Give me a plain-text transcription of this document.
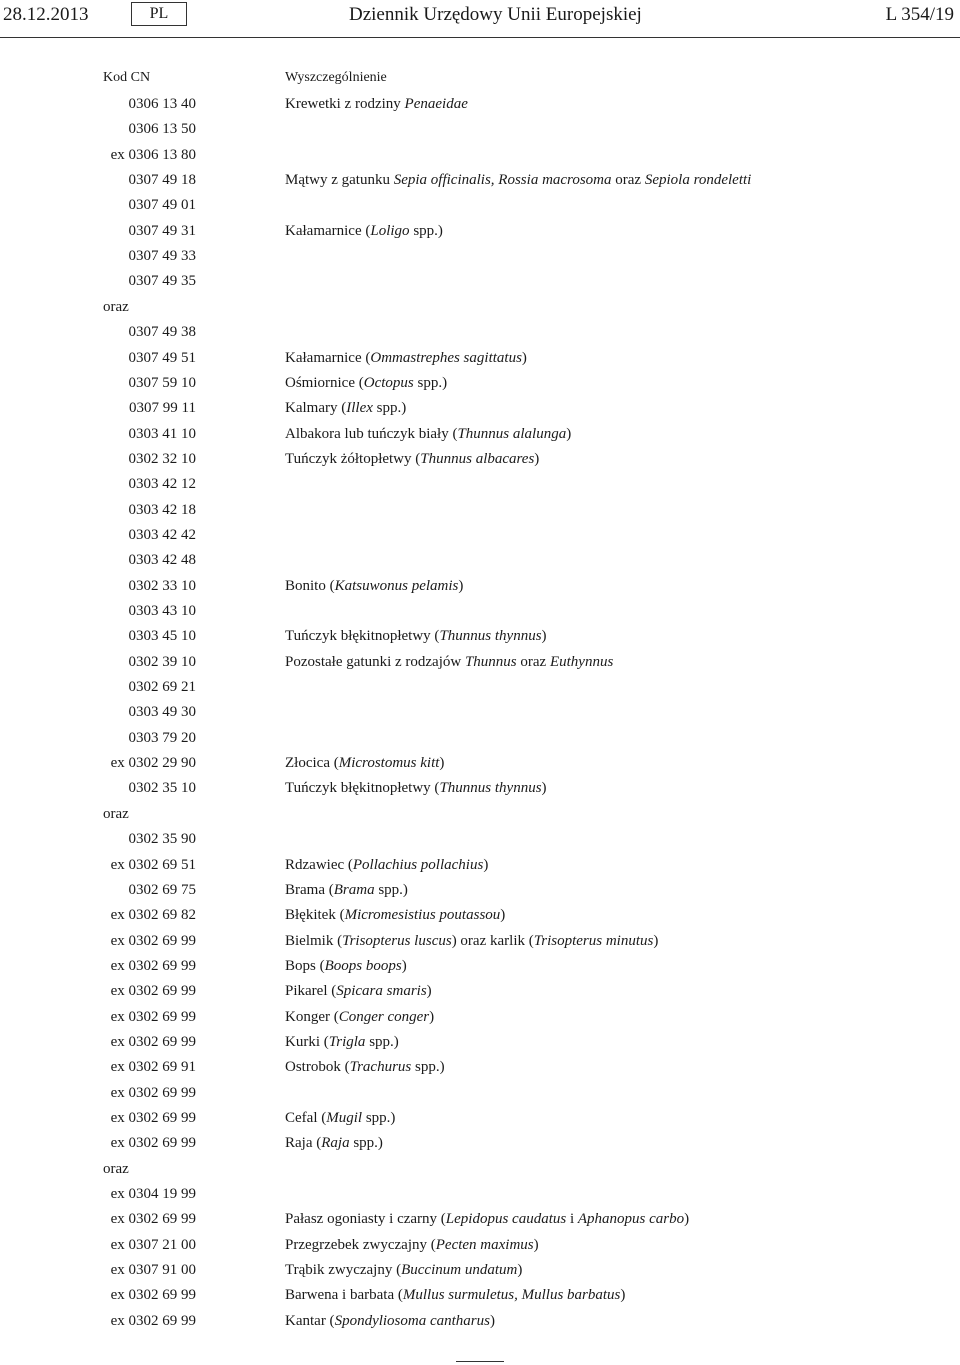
28.12.2013	PL	Dziennik Urzędowy Unii Europejskiej	L 354/19
Kod CN	Wyszczególnienie
0306 13 40	Krewetki z rodziny Penaeidae
0306 13 50
ex 0306 13 80
0307 49 18	Mątwy z gatunku Sepia officinalis, Rossia macrosoma oraz Sepiola rondeletti
0307 49 01
0307 49 31	Kałamarnice (Loligo spp.)
0307 49 33
0307 49 35
oraz
0307 49 38
0307 49 51	Kałamarnice (Ommastrephes sagittatus)
0307 59 10	Ośmiornice (Octopus spp.)
0307 99 11	Kalmary (Illex spp.)
0303 41 10	Albakora lub tuńczyk biały (Thunnus alalunga)
0302 32 10	Tuńczyk żółtopłetwy (Thunnus albacares)
0303 42 12
0303 42 18
0303 42 42
0303 42 48
0302 33 10	Bonito (Katsuwonus pelamis)
0303 43 10
0303 45 10	Tuńczyk błękitnopłetwy (Thunnus thynnus)
0302 39 10	Pozostałe gatunki z rodzajów Thunnus oraz Euthynnus
0302 69 21
0303 49 30
0303 79 20
ex 0302 29 90	Złocica (Microstomus kitt)
0302 35 10	Tuńczyk błękitnopłetwy (Thunnus thynnus)
oraz
0302 35 90
ex 0302 69 51	Rdzawiec (Pollachius pollachius)
0302 69 75	Brama (Brama spp.)
ex 0302 69 82	Błękitek (Micromesistius poutassou)
ex 0302 69 99	Bielmik (Trisopterus luscus) oraz karlik (Trisopterus minutus)
ex 0302 69 99	Bops (Boops boops)
ex 0302 69 99	Pikarel (Spicara smaris)
ex 0302 69 99	Konger (Conger conger)
ex 0302 69 99	Kurki (Trigla spp.)
ex 0302 69 91	Ostrobok (Trachurus spp.)
ex 0302 69 99
ex 0302 69 99	Cefal (Mugil spp.)
ex 0302 69 99	Raja (Raja spp.)
oraz
ex 0304 19 99
ex 0302 69 99	Pałasz ogoniasty i czarny (Lepidopus caudatus i Aphanopus carbo)
ex 0307 21 00	Przegrzebek zwyczajny (Pecten maximus)
ex 0307 91 00	Trąbik zwyczajny (Buccinum undatum)
ex 0302 69 99	Barwena i barbata (Mullus surmuletus, Mullus barbatus)
ex 0302 69 99	Kantar (Spondyliosoma cantharus)
